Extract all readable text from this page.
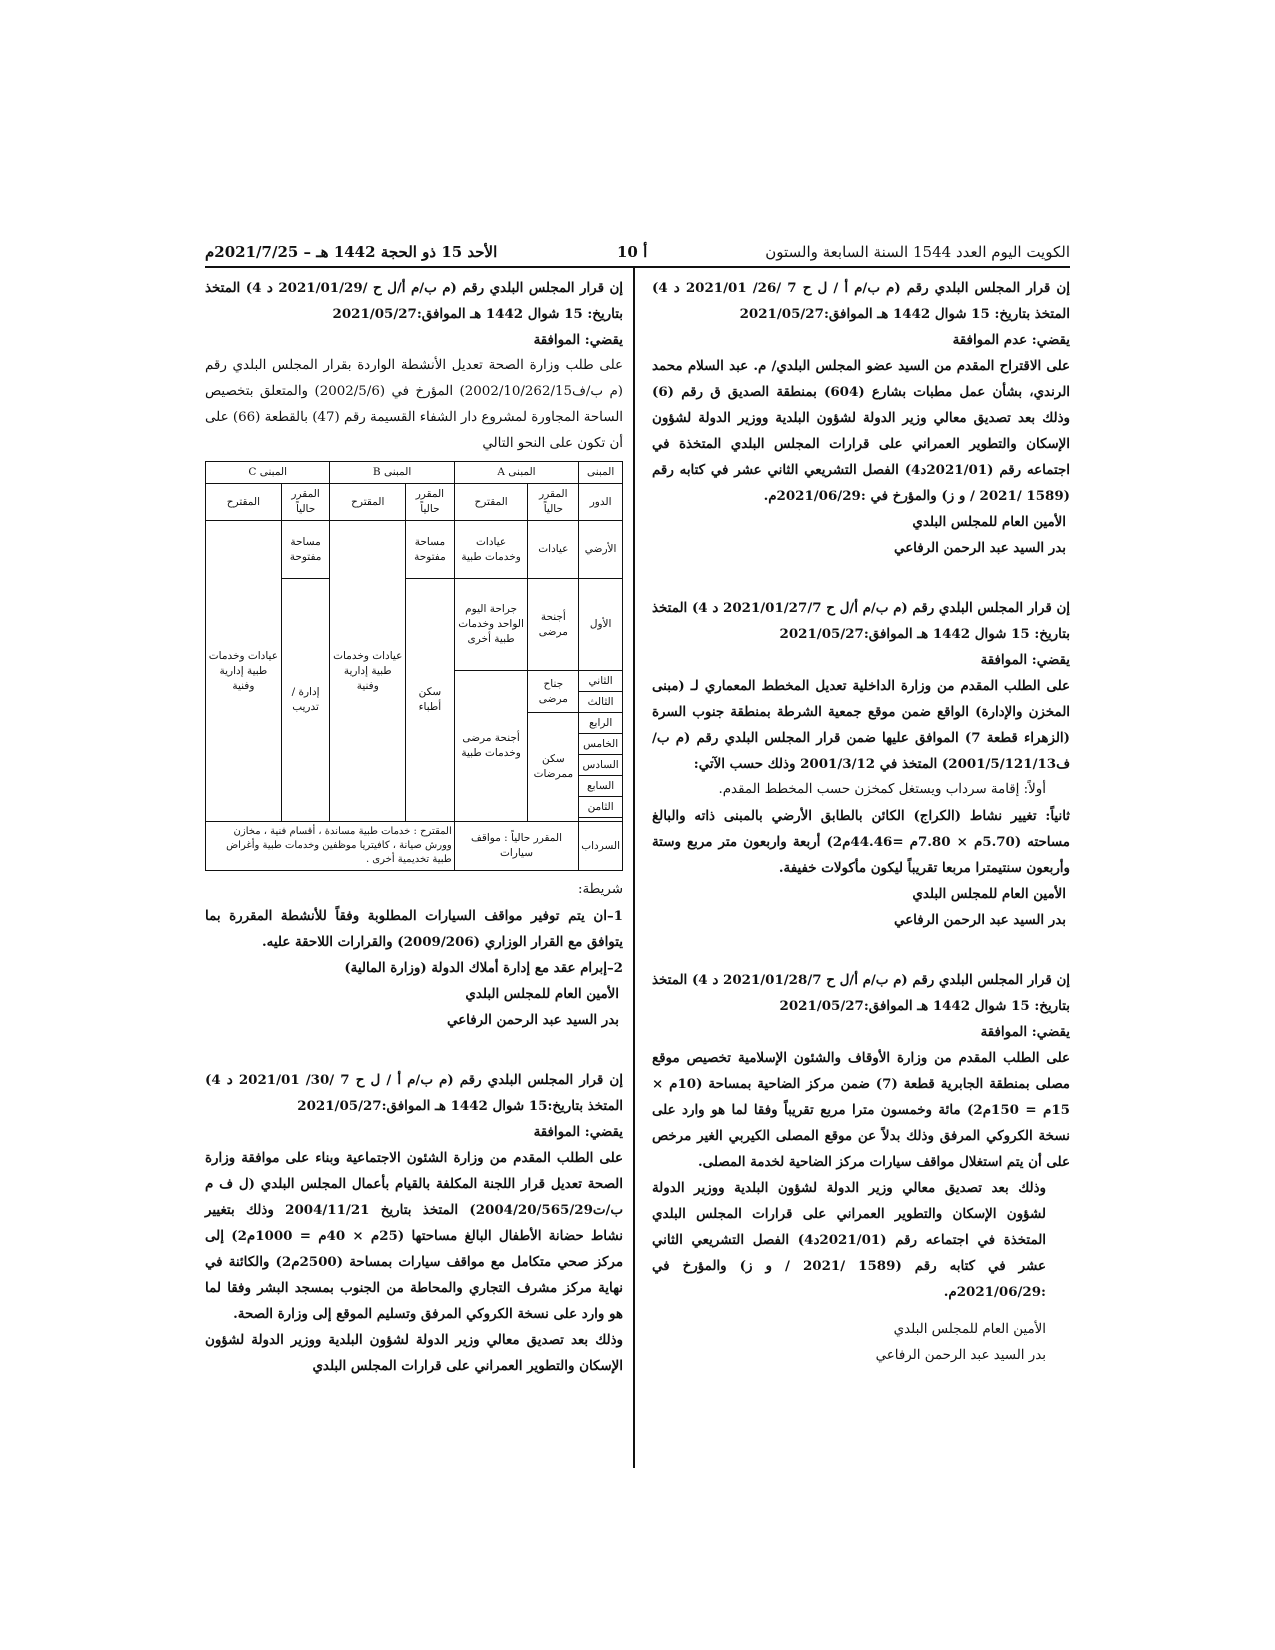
الكويت اليوم العدد 1544 السنة السابعة والستون
10 أ
الأحد 15 ذو الحجة 1442 هـ – 2021/7/25م

إن قرار المجلس البلدي رقم (م ب/م أ / ل ح 7 /26/ 2021/01 د 4) المتخذ بتاريخ: 15 شوال 1442 هـ الموافق:2021/05/27

يقضي: عدم الموافقة

على الاقتراح المقدم من السيد عضو المجلس البلدي/ م. عبد السلام محمد الرندي، بشأن عمل مطبات بشارع (604) بمنطقة الصديق ق رقم (6) وذلك بعد تصديق معالي وزير الدولة لشؤون البلدية ووزير الدولة لشؤون الإسكان والتطوير العمراني على قرارات المجلس البلدي المتخذة في اجتماعه رقم (2021/01د4) الفصل التشريعي الثاني عشر في كتابه رقم (1589 /2021 / و ز) والمؤرخ في :2021/06/29م.

الأمين العام للمجلس البلدي

بدر السيد عبد الرحمن الرفاعي

إن قرار المجلس البلدي رقم (م ب/م أ/ل ح 2021/01/27/7 د 4) المتخذ بتاريخ: 15 شوال 1442 هـ الموافق:2021/05/27

يقضي: الموافقة

على الطلب المقدم من وزارة الداخلية تعديل المخطط المعماري لـ (مبنى المخزن والإدارة) الواقع ضمن موقع جمعية الشرطة بمنطقة جنوب السرة (الزهراء قطعة 7) الموافق عليها ضمن قرار المجلس البلدي رقم (م ب/ف2001/5/121/13) المتخذ في 2001/3/12 وذلك حسب الآتي:

أولاً: إقامة سرداب ويستغل كمخزن حسب المخطط المقدم.

ثانياً: تغيير نشاط (الكراج) الكائن بالطابق الأرضي بالمبنى ذاته والبالغ مساحته (5.70م × 7.80م =44.46م2) أربعة واربعون متر مربع وستة وأربعون سنتيمترا مربعا تقريباً ليكون مأكولات خفيفة.

الأمين العام للمجلس البلدي

بدر السيد عبد الرحمن الرفاعي

إن قرار المجلس البلدي رقم (م ب/م أ/ل ح 2021/01/28/7 د 4) المتخذ بتاريخ: 15 شوال 1442 هـ الموافق:2021/05/27

يقضي: الموافقة

على الطلب المقدم من وزارة الأوقاف والشئون الإسلامية تخصيص موقع مصلى بمنطقة الجابرية قطعة (7) ضمن مركز الضاحية بمساحة (10م × 15م = 150م2) مائة وخمسون مترا مربع تقريباً وفقا لما هو وارد على نسخة الكروكي المرفق وذلك بدلاً عن موقع المصلى الكيربي الغير مرخص على أن يتم استغلال مواقف سيارات مركز الضاحية لخدمة المصلى.

وذلك بعد تصديق معالي وزير الدولة لشؤون البلدية ووزير الدولة لشؤون الإسكان والتطوير العمراني على قرارات المجلس البلدي المتخذة في اجتماعه رقم (2021/01د4) الفصل التشريعي الثاني عشر في كتابه رقم (1589 /2021 / و ز) والمؤرخ في :2021/06/29م.

الأمين العام للمجلس البلدي

بدر السيد عبد الرحمن الرفاعي

إن قرار المجلس البلدي رقم (م ب/م أ/ل ح /2021/01/29 د 4) المتخذ بتاريخ: 15 شوال 1442 هـ الموافق:2021/05/27

يقضي: الموافقة

على طلب وزارة الصحة تعديل الأنشطة الواردة بقرار المجلس البلدي رقم (م ب/ف2002/10/262/15) المؤرخ في (2002/5/6) والمتعلق بتخصيص الساحة المجاورة لمشروع دار الشفاء القسيمة رقم (47) بالقطعة (66) على أن تكون على النحو التالي

المبنى	المبنى A		المبنى B		المبنى C	
الدور	المقرر حالياً	المقترح	المقرر حالياً	المقترح	المقرر حالياً	المقترح
الأرضي	عيادات	عيادات وخدمات طبية	مساحة مفتوحة	عيادات وخدمات طبية إدارية وفنية	مساحة مفتوحة	عيادات وخدمات طبية إدارية وفنية
الأول	أجنحة مرضى	جراحة اليوم الواحد وخدمات طبية أخرى	سكن أطباء		إدارة / تدريب	
الثاني	جناح مرضى	أجنحة مرضى وخدمات طبية				
الثالث						
الرابع	سكن ممرضات					
الخامس						
السادس						
السابع						
الثامن						

السرداب	المقرر حالياً : مواقف سيارات		المقترح : خدمات طبية مساندة ، أقسام فنية ، مخازن وورش صيانة ، كافيتريا موظفين وخدمات طبية وأغراض طبية تخديمية أخرى .			

شريطة:

1–ان يتم توفير مواقف السيارات المطلوبة وفقاً للأنشطة المقررة بما يتوافق مع القرار الوزاري (2009/206) والقرارات اللاحقة عليه.

2–إبرام عقد مع إدارة أملاك الدولة (وزارة المالية)

الأمين العام للمجلس البلدي

بدر السيد عبد الرحمن الرفاعي

إن قرار المجلس البلدي رقم (م ب/م أ / ل ح 7 /30/ 2021/01 د 4) المتخذ بتاريخ:15 شوال 1442 هـ الموافق:2021/05/27

يقضي: الموافقة

على الطلب المقدم من وزارة الشئون الاجتماعية وبناء على موافقة وزارة الصحة تعديل قرار اللجنة المكلفة بالقيام بأعمال المجلس البلدي (ل ف م ب/ت2004/20/565/29) المتخذ بتاريخ 2004/11/21 وذلك بتغيير نشاط حضانة الأطفال البالغ مساحتها (25م × 40م = 1000م2) إلى مركز صحي متكامل مع مواقف سيارات بمساحة (2500م2) والكائنة في نهاية مركز مشرف التجاري والمحاطة من الجنوب بمسجد البشر وفقا لما هو وارد على نسخة الكروكي المرفق وتسليم الموقع إلى وزارة الصحة.

وذلك بعد تصديق معالي وزير الدولة لشؤون البلدية ووزير الدولة لشؤون الإسكان والتطوير العمراني على قرارات المجلس البلدي
